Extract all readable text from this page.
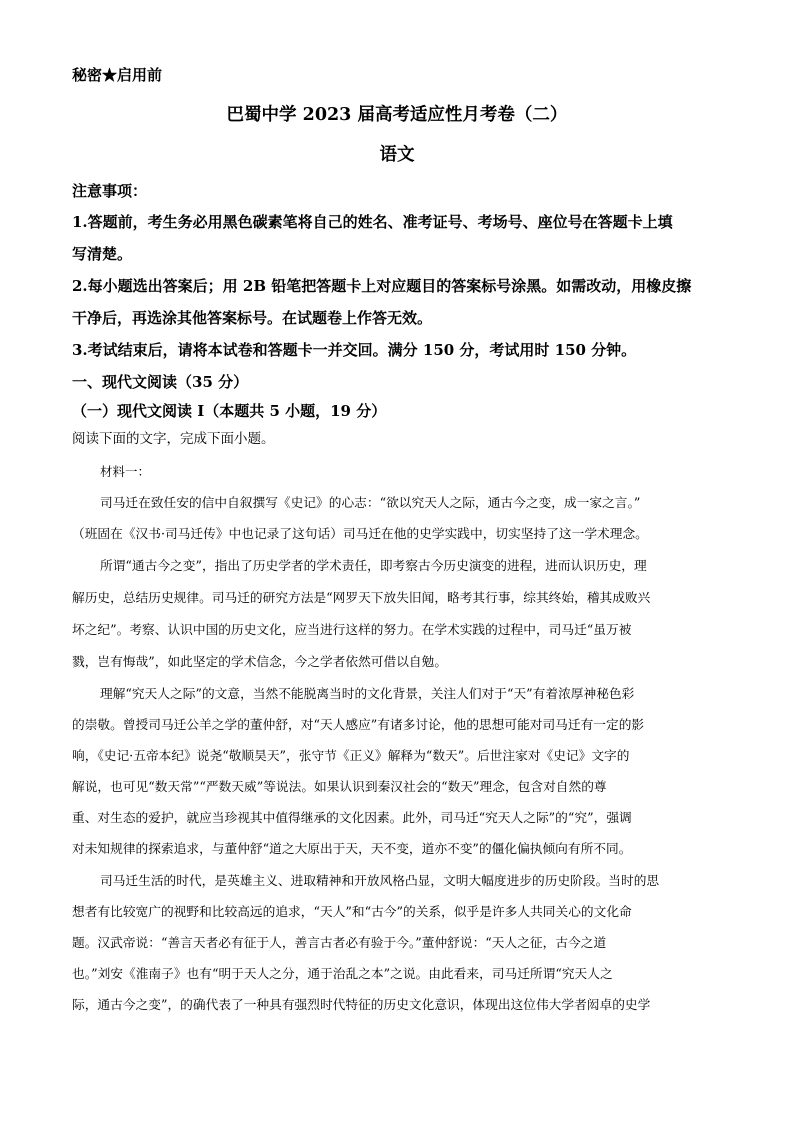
秘密★启用前
巴蜀中学 2023 届高考适应性月考卷（二）
语文
注意事项：
1.答题前，考生务必用黑色碳素笔将自己的姓名、准考证号、考场号、座位号在答题卡上填
写清楚。
2.每小题选出答案后；用 2B 铅笔把答题卡上对应题目的答案标号涂黑。如需改动，用橡皮擦
干净后，再选涂其他答案标号。在试题卷上作答无效。
3.考试结束后，请将本试卷和答题卡一并交回。满分 150 分，考试用时 150 分钟。
一、现代文阅读（35 分）
（一）现代文阅读 I（本题共 5 小题，19 分）
阅读下面的文字，完成下面小题。
材料一：
司马迁在致任安的信中自叙撰写《史记》的心志：“欲以究天人之际，通古今之变，成一家之言。”
（班固在《汉书·司马迁传》中也记录了这句话）司马迁在他的史学实践中，切实坚持了这一学术理念。
所谓“通古今之变”，指出了历史学者的学术责任，即考察古今历史演变的进程，进而认识历史，理
解历史，总结历史规律。司马迁的研究方法是“网罗天下放失旧闻，略考其行事，综其终始，稽其成败兴
坏之纪”。考察、认识中国的历史文化，应当进行这样的努力。在学术实践的过程中，司马迁“虽万被
戮，岂有悔哉”，如此坚定的学术信念，今之学者依然可借以自勉。
理解“究天人之际”的文意，当然不能脱离当时的文化背景，关注人们对于“天”有着浓厚神秘色彩
的崇敬。曾授司马迁公羊之学的董仲舒，对“天人感应”有诸多讨论，他的思想可能对司马迁有一定的影
响，《史记·五帝本纪》说尧“敬顺昊天”，张守节《正义》解释为“数天”。后世注家对《史记》文字的
解说，也可见“数天常”“严数天威”等说法。如果认识到秦汉社会的“数天”理念，包含对自然的尊
重、对生态的爱护，就应当珍视其中值得继承的文化因素。此外，司马迁“究天人之际”的“究”，强调
对未知规律的探索追求，与董仲舒“道之大原出于天，天不变，道亦不变”的僵化偏执倾向有所不同。
司马迁生活的时代，是英雄主义、进取精神和开放风格凸显，文明大幅度进步的历史阶段。当时的思
想者有比较宽广的视野和比较高远的追求，“天人”和“古今”的关系，似乎是许多人共同关心的文化命
题。汉武帝说：“善言天者必有征于人，善言古者必有验于今。”董仲舒说：“天人之征，古今之道
也。”刘安《淮南子》也有“明于天人之分，通于治乱之本”之说。由此看来，司马迁所谓“究天人之
际，通古今之变”，的确代表了一种具有强烈时代特征的历史文化意识，体现出这位伟大学者闳卓的史学
